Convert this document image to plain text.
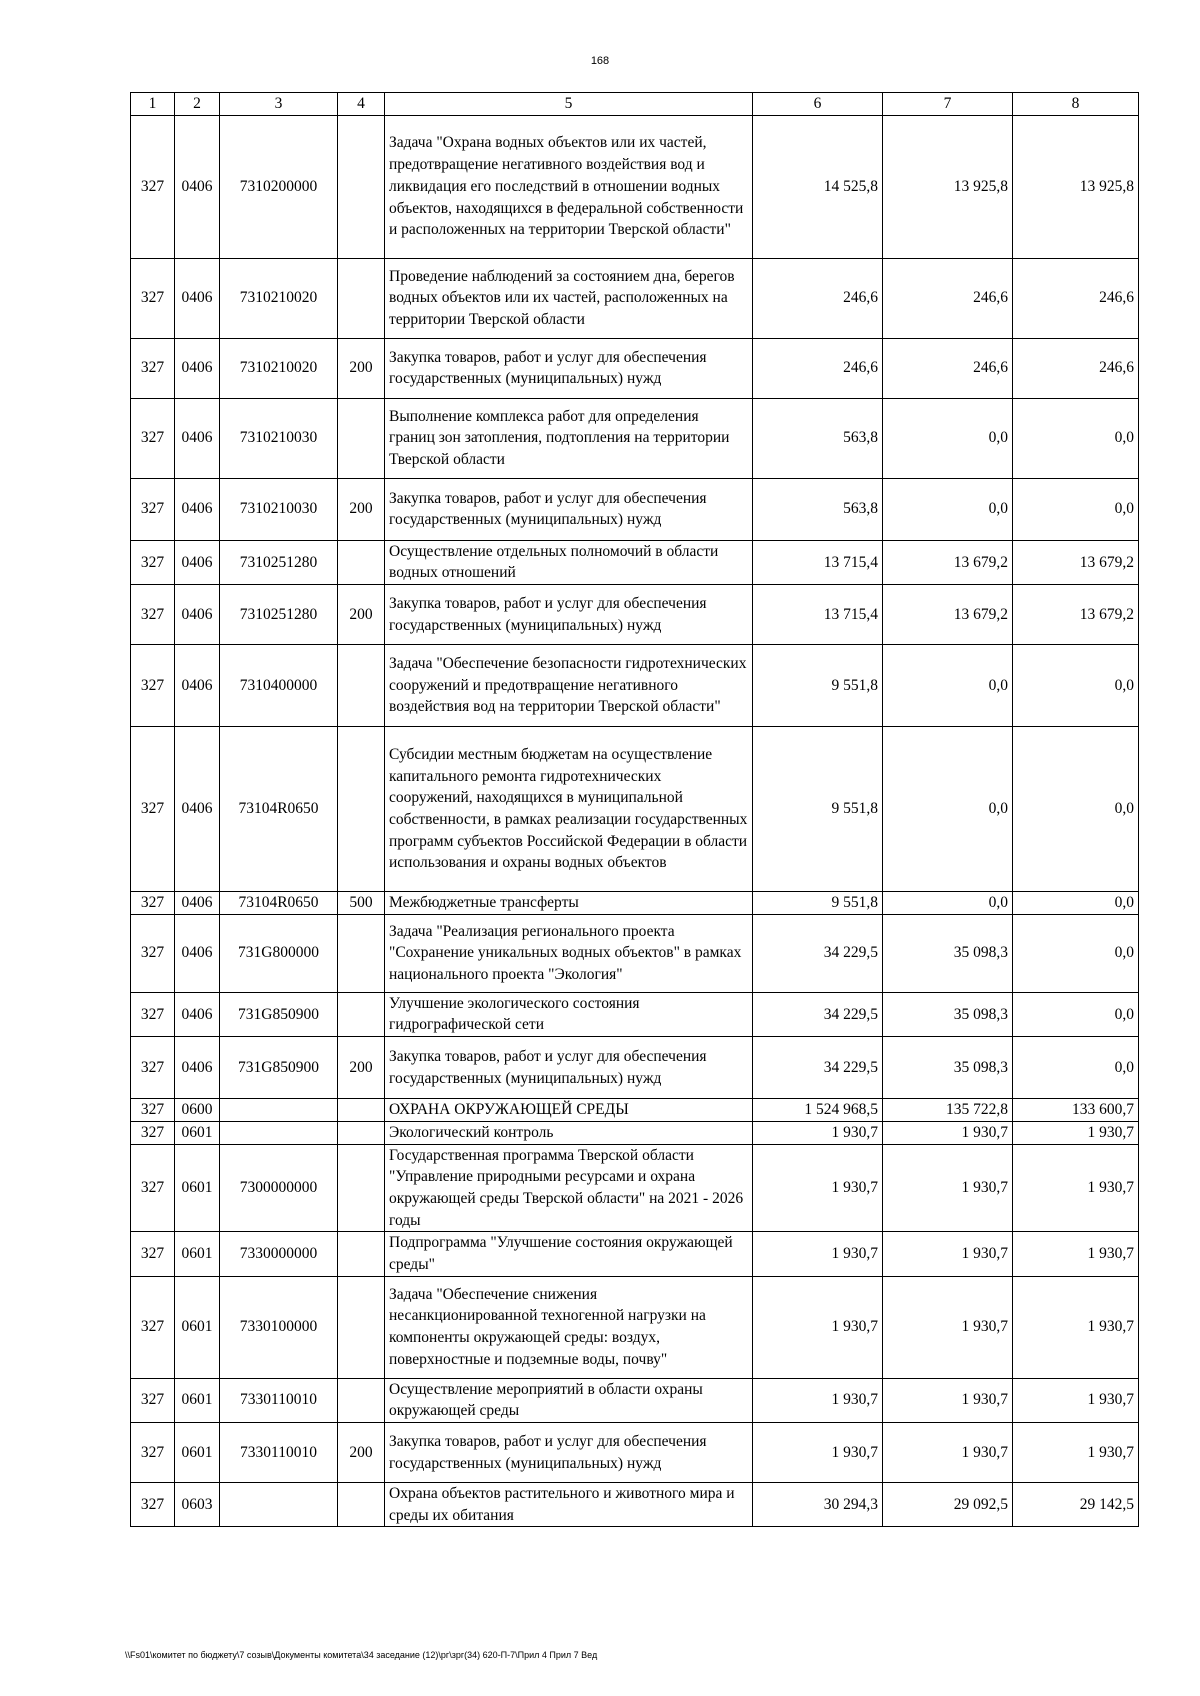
168
1	2	3	4	5	6	7	8
327	0406	7310200000		Задача "Охрана водных объектов или их частей, предотвращение негативного воздействия вод и ликвидация его последствий в отношении водных объектов, находящихся в федеральной собственности и расположенных на территории Тверской области"	14 525,8	13 925,8	13 925,8
327	0406	7310210020		Проведение наблюдений за состоянием дна, берегов водных объектов или их частей, расположенных на территории Тверской области	246,6	246,6	246,6
327	0406	7310210020	200	Закупка товаров, работ и услуг для обеспечения государственных (муниципальных) нужд	246,6	246,6	246,6
327	0406	7310210030		Выполнение комплекса работ для определения границ зон затопления, подтопления на территории Тверской области	563,8	0,0	0,0
327	0406	7310210030	200	Закупка товаров, работ и услуг для обеспечения государственных (муниципальных) нужд	563,8	0,0	0,0
327	0406	7310251280		Осуществление отдельных полномочий в области водных отношений	13 715,4	13 679,2	13 679,2
327	0406	7310251280	200	Закупка товаров, работ и услуг для обеспечения государственных (муниципальных) нужд	13 715,4	13 679,2	13 679,2
327	0406	7310400000		Задача "Обеспечение безопасности гидротехнических сооружений и предотвращение негативного воздействия вод на территории Тверской области"	9 551,8	0,0	0,0
327	0406	73104R0650		Субсидии местным бюджетам на осуществление капитального ремонта гидротехнических сооружений, находящихся в муниципальной собственности, в рамках реализации государственных программ субъектов Российской Федерации в области использования и охраны водных объектов	9 551,8	0,0	0,0
327	0406	73104R0650	500	Межбюджетные трансферты	9 551,8	0,0	0,0
327	0406	731G800000		Задача "Реализация регионального проекта "Сохранение уникальных водных объектов" в рамках национального проекта "Экология"	34 229,5	35 098,3	0,0
327	0406	731G850900		Улучшение экологического состояния гидрографической сети	34 229,5	35 098,3	0,0
327	0406	731G850900	200	Закупка товаров, работ и услуг для обеспечения государственных (муниципальных) нужд	34 229,5	35 098,3	0,0
327	0600			ОХРАНА ОКРУЖАЮЩЕЙ СРЕДЫ	1 524 968,5	135 722,8	133 600,7
327	0601			Экологический контроль	1 930,7	1 930,7	1 930,7
327	0601	7300000000		Государственная программа Тверской области "Управление природными ресурсами и охрана окружающей среды Тверской области" на 2021 - 2026 годы	1 930,7	1 930,7	1 930,7
327	0601	7330000000		Подпрограмма "Улучшение состояния окружающей среды"	1 930,7	1 930,7	1 930,7
327	0601	7330100000		Задача "Обеспечение снижения несанкционированной техногенной нагрузки на компоненты окружающей среды: воздух, поверхностные и подземные воды, почву"	1 930,7	1 930,7	1 930,7
327	0601	7330110010		Осуществление мероприятий в области охраны окружающей среды	1 930,7	1 930,7	1 930,7
327	0601	7330110010	200	Закупка товаров, работ и услуг для обеспечения государственных (муниципальных) нужд	1 930,7	1 930,7	1 930,7
327	0603			Охрана объектов растительного и животного мира и среды их обитания	30 294,3	29 092,5	29 142,5
\\Fs01\комитет по бюджету\7 созыв\Документы комитета\34 заседание (12)\рг\зрг(34) 620-П-7\Прил 4 Прил 7 Вед
